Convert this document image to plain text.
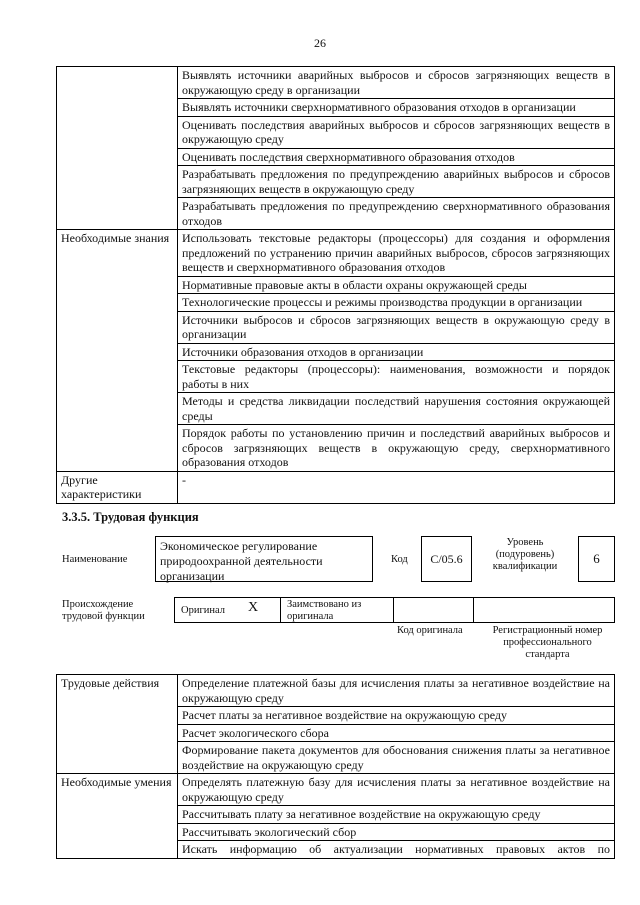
26
	Выявлять источники аварийных выбросов и сбросов загрязняющих веществ в окружающую среду в организации
	Выявлять источники сверхнормативного образования отходов в организации
	Оценивать последствия аварийных выбросов и сбросов загрязняющих веществ в окружающую среду
	Оценивать последствия сверхнормативного образования отходов
	Разрабатывать предложения по предупреждению аварийных выбросов и сбросов загрязняющих веществ в окружающую среду
	Разрабатывать предложения по предупреждению сверхнормативного образования отходов
Необходимые знания	Использовать текстовые редакторы (процессоры) для создания и оформления предложений по устранению причин аварийных выбросов, сбросов загрязняющих веществ и сверхнормативного образования отходов
	Нормативные правовые акты в области охраны окружающей среды
	Технологические процессы и режимы производства продукции в организации
	Источники выбросов и сбросов загрязняющих веществ в окружающую среду в организации
	Источники образования отходов в организации
	Текстовые редакторы (процессоры): наименования, возможности и порядок работы в них
	Методы и средства ликвидации последствий нарушения состояния окружающей среды
	Порядок работы по установлению причин и последствий аварийных выбросов и сбросов загрязняющих веществ в окружающую среду, сверхнормативного образования отходов
Другие характеристики	-
3.3.5. Трудовая функция
Наименование
Экономическое регулирование природоохранной деятельности организации
Код C/05.6
Уровень (подуровень) квалификации
6
Происхождение трудовой функции
Оригинал X	Заимствовано из оригинала
Код оригинала	Регистрационный номер профессионального стандарта
Трудовые действия	Определение платежной базы для исчисления платы за негативное воздействие на окружающую среду
	Расчет платы за негативное воздействие на окружающую среду
	Расчет экологического сбора
	Формирование пакета документов для обоснования снижения платы за негативное воздействие на окружающую среду
Необходимые умения	Определять платежную базу для исчисления платы за негативное воздействие на окружающую среду
	Рассчитывать плату за негативное воздействие на окружающую среду
	Рассчитывать экологический сбор
	Искать информацию об актуализации нормативных правовых актов по
